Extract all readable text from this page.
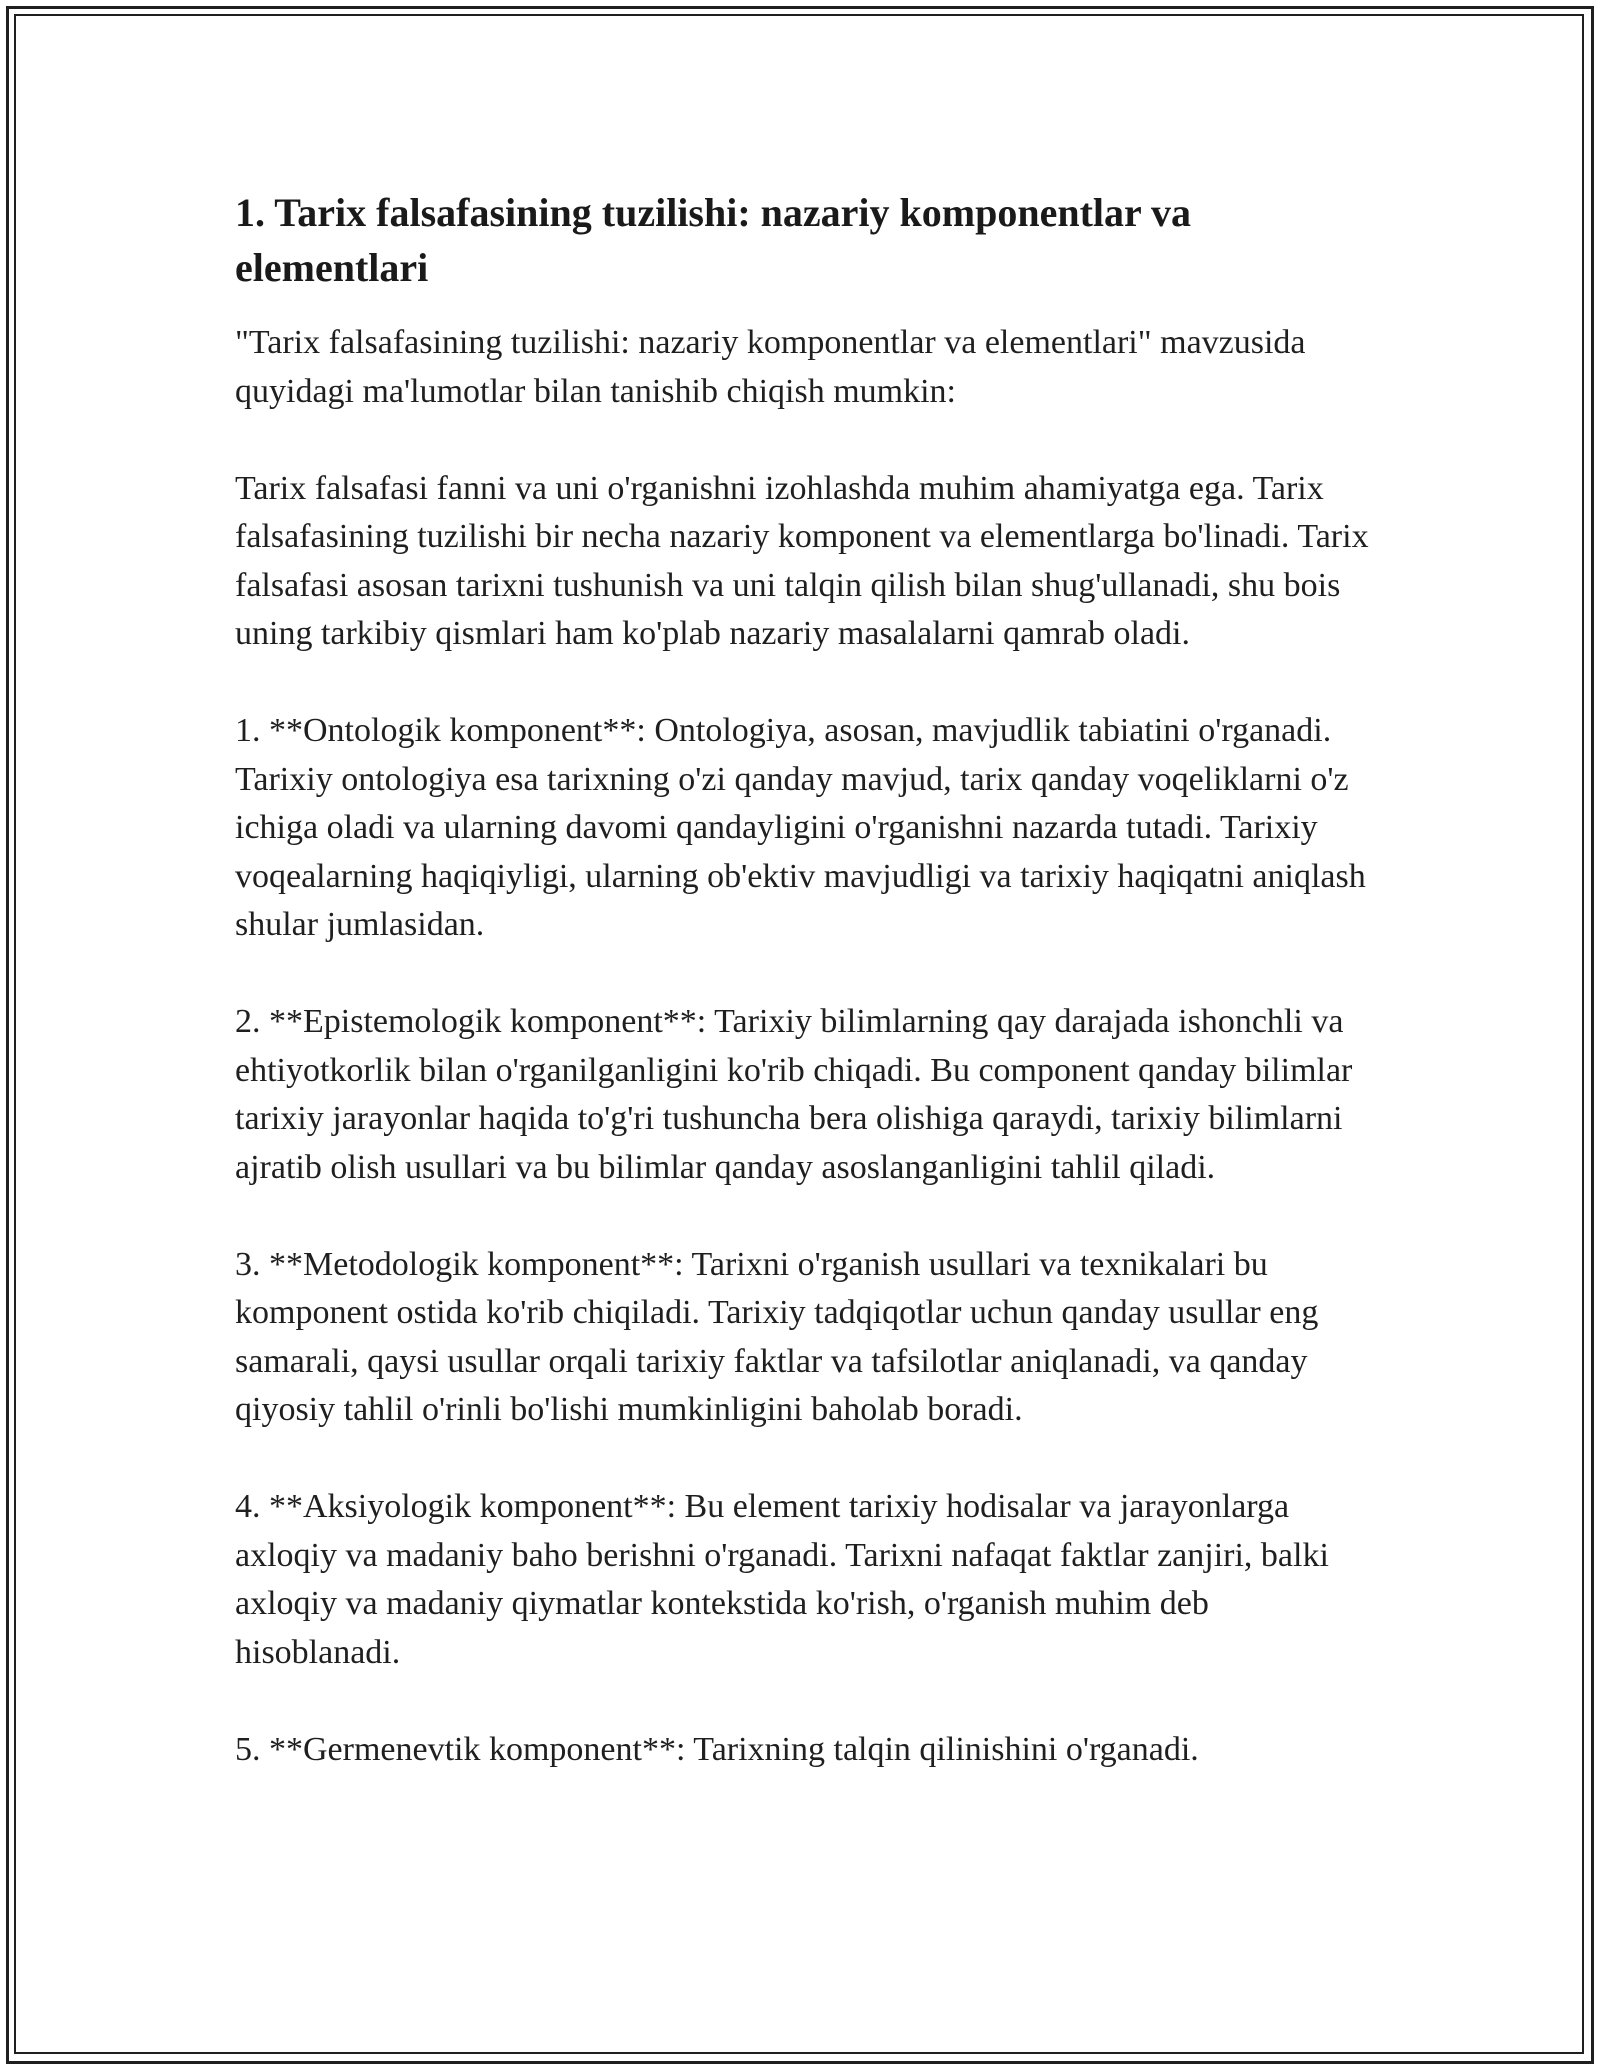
1. Tarix falsafasining tuzilishi: nazariy komponentlar va elementlari

"Tarix falsafasining tuzilishi: nazariy komponentlar va elementlari" mavzusida quyidagi ma'lumotlar bilan tanishib chiqish mumkin:

Tarix falsafasi fanni va uni o'rganishni izohlashda muhim ahamiyatga ega. Tarix falsafasining tuzilishi bir necha nazariy komponent va elementlarga bo'linadi. Tarix falsafasi asosan tarixni tushunish va uni talqin qilish bilan shug'ullanadi, shu bois uning tarkibiy qismlari ham ko'plab nazariy masalalarni qamrab oladi.

1. **Ontologik komponent**: Ontologiya, asosan, mavjudlik tabiatini o'rganadi. Tarixiy ontologiya esa tarixning o'zi qanday mavjud, tarix qanday voqeliklarni o'z ichiga oladi va ularning davomi qandayligini o'rganishni nazarda tutadi. Tarixiy voqealarning haqiqiyligi, ularning ob'ektiv mavjudligi va tarixiy haqiqatni aniqlash shular jumlasidan.

2. **Epistemologik komponent**: Tarixiy bilimlarning qay darajada ishonchli va ehtiyotkorlik bilan o'rganilganligini ko'rib chiqadi. Bu component qanday bilimlar tarixiy jarayonlar haqida to'g'ri tushuncha bera olishiga qaraydi, tarixiy bilimlarni ajratib olish usullari va bu bilimlar qanday asoslanganligini tahlil qiladi.

3. **Metodologik komponent**: Tarixni o'rganish usullari va texnikalari bu komponent ostida ko'rib chiqiladi. Tarixiy tadqiqotlar uchun qanday usullar eng samarali, qaysi usullar orqali tarixiy faktlar va tafsilotlar aniqlanadi, va qanday qiyosiy tahlil o'rinli bo'lishi mumkinligini baholab boradi.

4. **Aksiyologik komponent**: Bu element tarixiy hodisalar va jarayonlarga axloqiy va madaniy baho berishni o'rganadi. Tarixni nafaqat faktlar zanjiri, balki axloqiy va madaniy qiymatlar kontekstida ko'rish, o'rganish muhim deb hisoblanadi.

5. **Germenevtik komponent**: Tarixning talqin qilinishini o'rganadi.
